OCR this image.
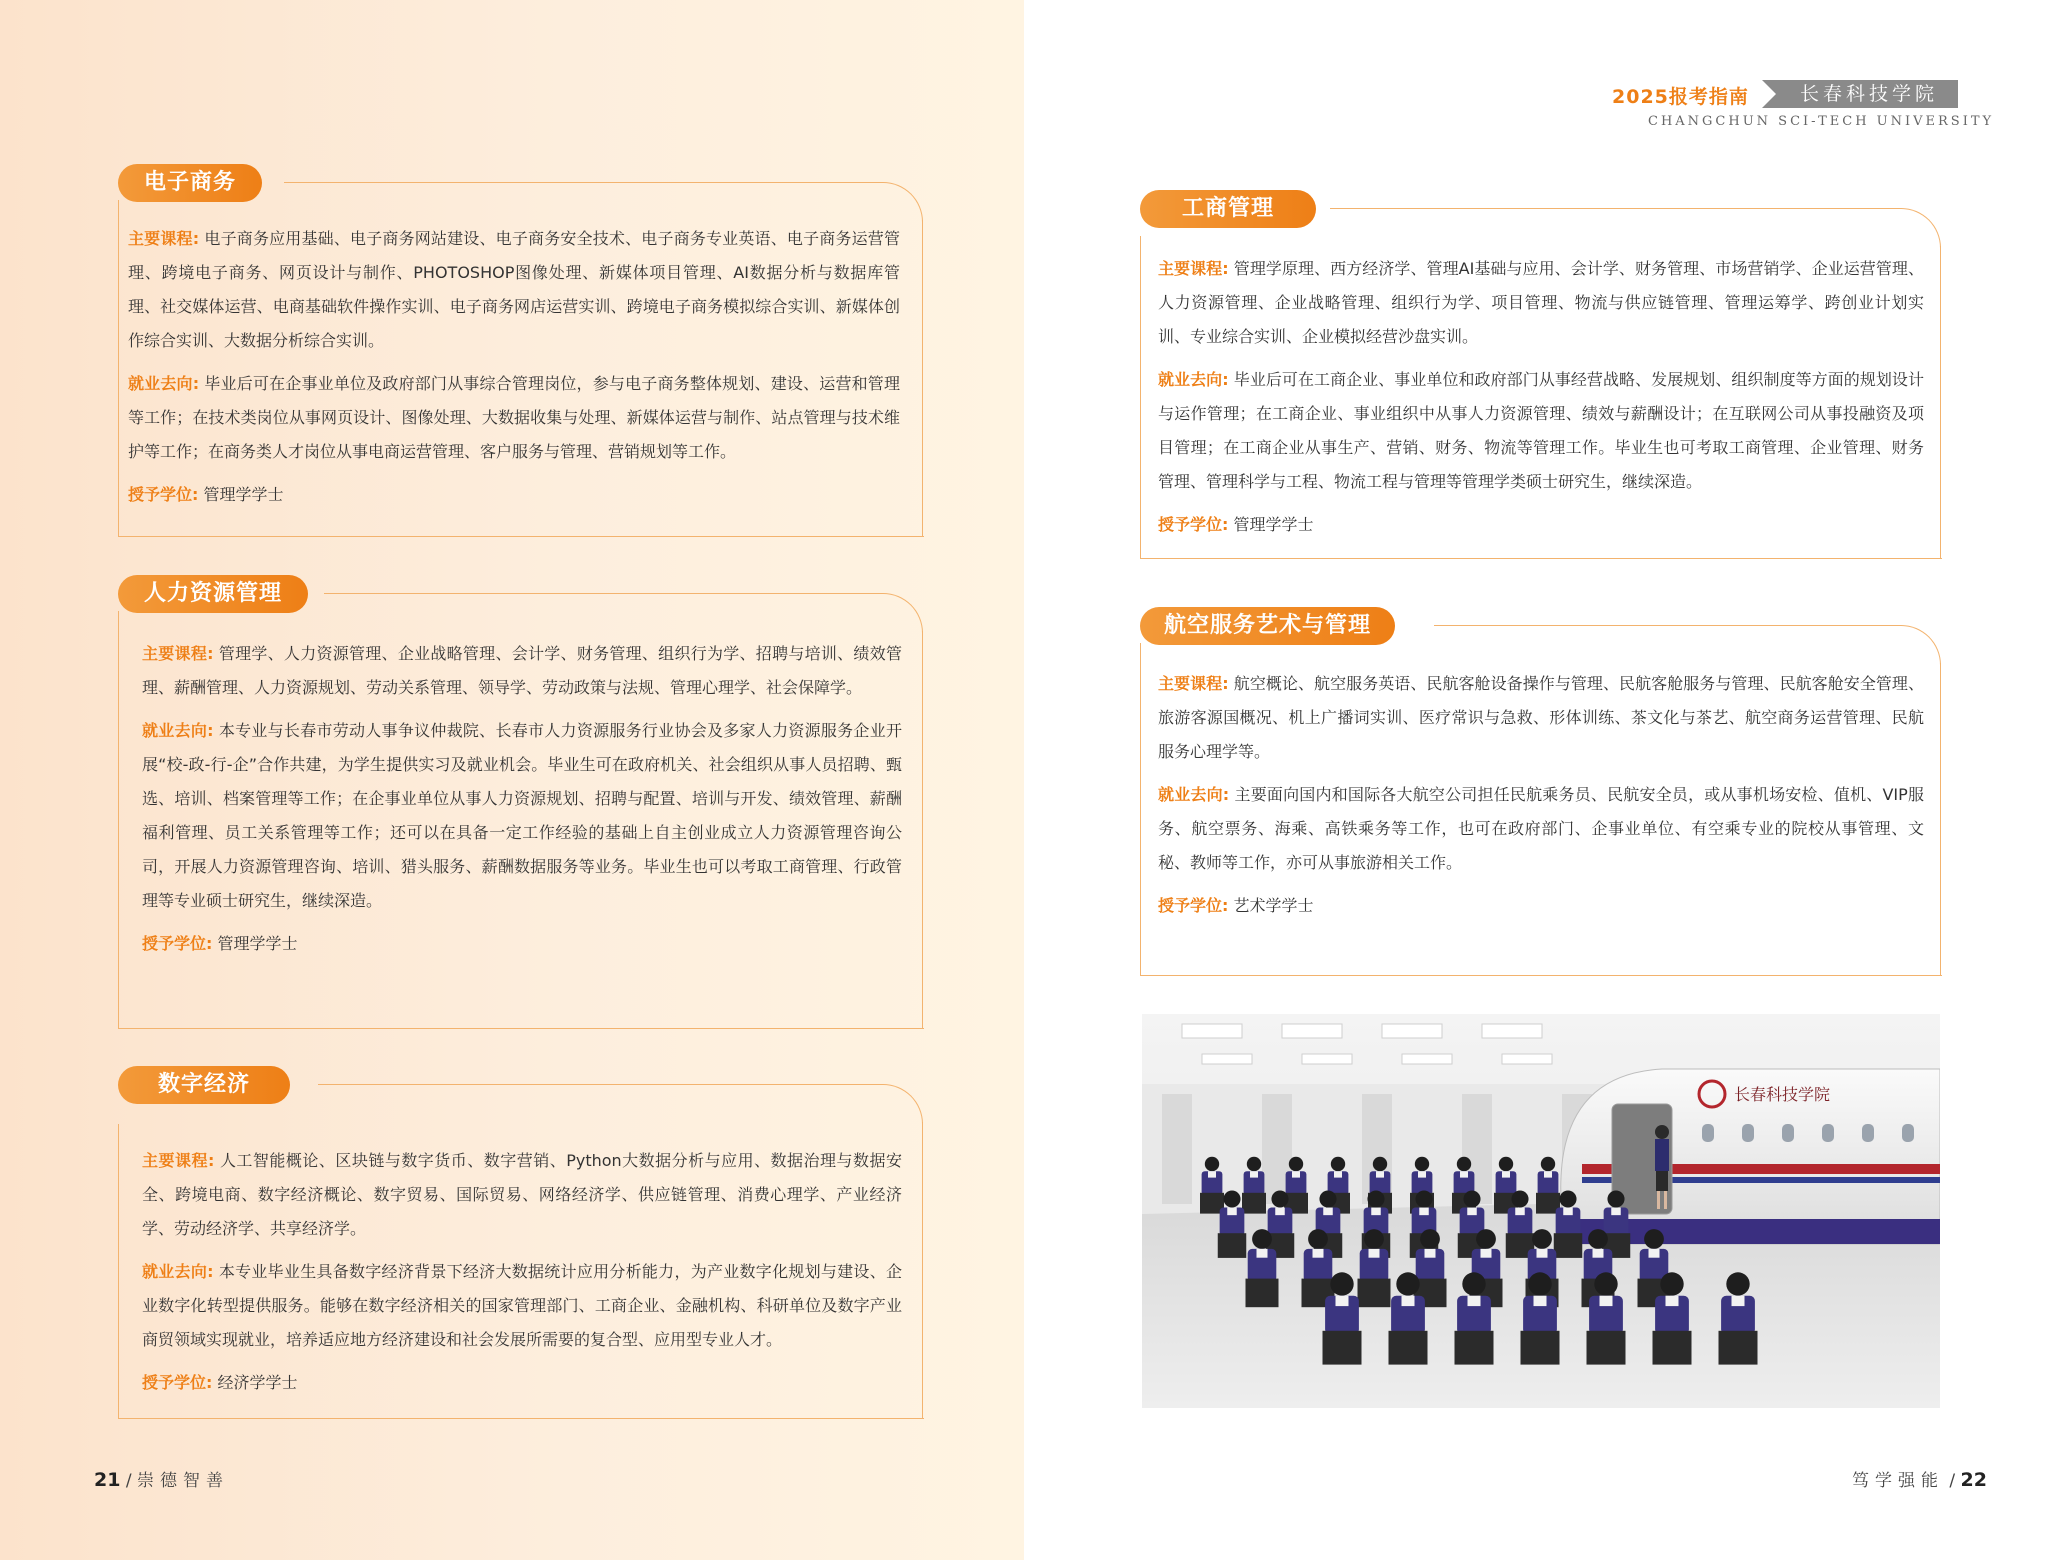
2025报考指南	长春科技学院
CHANGCHUN SCI-TECH UNIVERSITY
电子商务

主要课程: 电子商务应用基础、电子商务网站建设、电子商务安全技术、电子商务专业英语、电子商务运营管理、跨境电子商务、网页设计与制作、PHOTOSHOP图像处理、新媒体项目管理、AI数据分析与数据库管理、社交媒体运营、电商基础软件操作实训、电子商务网店运营实训、跨境电子商务模拟综合实训、新媒体创作综合实训、大数据分析综合实训。

就业去向: 毕业后可在企事业单位及政府部门从事综合管理岗位，参与电子商务整体规划、建设、运营和管理等工作；在技术类岗位从事网页设计、图像处理、大数据收集与处理、新媒体运营与制作、站点管理与技术维护等工作；在商务类人才岗位从事电商运营管理、客户服务与管理、营销规划等工作。

授予学位: 管理学学士

人力资源管理

主要课程: 管理学、人力资源管理、企业战略管理、会计学、财务管理、组织行为学、招聘与培训、绩效管理、薪酬管理、人力资源规划、劳动关系管理、领导学、劳动政策与法规、管理心理学、社会保障学。

就业去向: 本专业与长春市劳动人事争议仲裁院、长春市人力资源服务行业协会及多家人力资源服务企业开展“校-政-行-企”合作共建，为学生提供实习及就业机会。毕业生可在政府机关、社会组织从事人员招聘、甄选、培训、档案管理等工作；在企事业单位从事人力资源规划、招聘与配置、培训与开发、绩效管理、薪酬福利管理、员工关系管理等工作；还可以在具备一定工作经验的基础上自主创业成立人力资源管理咨询公司，开展人力资源管理咨询、培训、猎头服务、薪酬数据服务等业务。毕业生也可以考取工商管理、行政管理等专业硕士研究生，继续深造。

授予学位: 管理学学士

数字经济

主要课程: 人工智能概论、区块链与数字货币、数字营销、Python大数据分析与应用、数据治理与数据安全、跨境电商、数字经济概论、数字贸易、国际贸易、网络经济学、供应链管理、消费心理学、产业经济学、劳动经济学、共享经济学。

就业去向: 本专业毕业生具备数字经济背景下经济大数据统计应用分析能力，为产业数字化规划与建设、企业数字化转型提供服务。能够在数字经济相关的国家管理部门、工商企业、金融机构、科研单位及数字产业商贸领域实现就业，培养适应地方经济建设和社会发展所需要的复合型、应用型专业人才。

授予学位: 经济学学士

工商管理

主要课程: 管理学原理、西方经济学、管理AI基础与应用、会计学、财务管理、市场营销学、企业运营管理、人力资源管理、企业战略管理、组织行为学、项目管理、物流与供应链管理、管理运筹学、跨创业计划实训、专业综合实训、企业模拟经营沙盘实训。

就业去向: 毕业后可在工商企业、事业单位和政府部门从事经营战略、发展规划、组织制度等方面的规划设计与运作管理；在工商企业、事业组织中从事人力资源管理、绩效与薪酬设计；在互联网公司从事投融资及项目管理；在工商企业从事生产、营销、财务、物流等管理工作。毕业生也可考取工商管理、企业管理、财务管理、管理科学与工程、物流工程与管理等管理学类硕士研究生，继续深造。

授予学位: 管理学学士

航空服务艺术与管理

主要课程: 航空概论、航空服务英语、民航客舱设备操作与管理、民航客舱服务与管理、民航客舱安全管理、旅游客源国概况、机上广播词实训、医疗常识与急救、形体训练、茶文化与茶艺、航空商务运营管理、民航服务心理学等。

就业去向: 主要面向国内和国际各大航空公司担任民航乘务员、民航安全员，或从事机场安检、值机、VIP服务、航空票务、海乘、高铁乘务等工作，也可在政府部门、企事业单位、有空乘专业的院校从事管理、文秘、教师等工作，亦可从事旅游相关工作。

授予学位: 艺术学学士

长春科技学院
21 / 崇德智善	笃学强能 / 22
